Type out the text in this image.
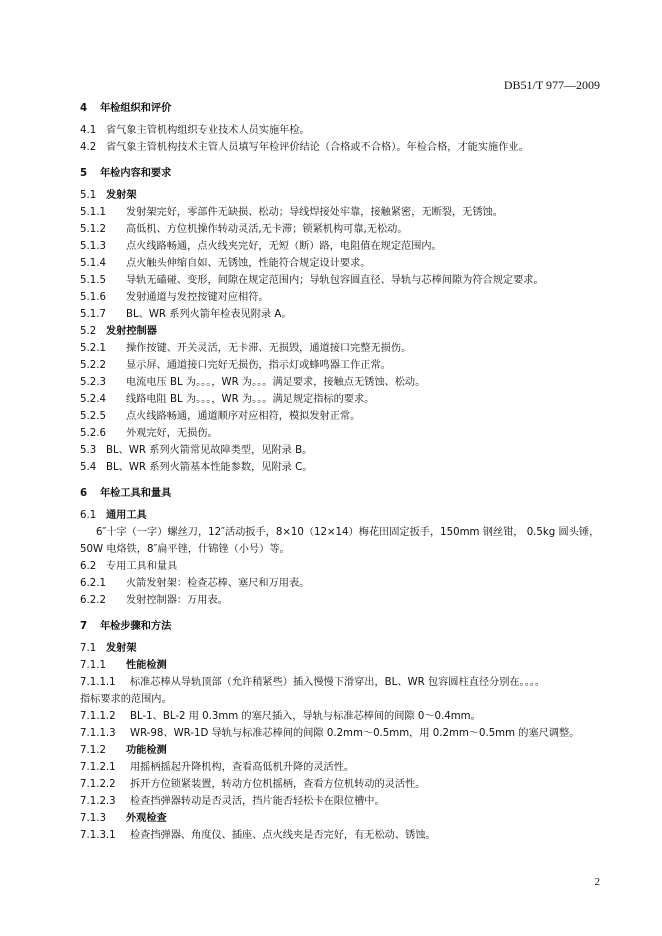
DB51/T 977—2009
4 年检组织和评价
4.1 省气象主管机构组织专业技术人员实施年检。
4.2 省气象主管机构技术主管人员填写年检评价结论（合格或不合格）。年检合格，才能实施作业。
5 年检内容和要求
5.1 发射架
5.1.1 发射架完好，零部件无缺损、松动；导线焊接处牢靠，接触紧密，无断裂，无锈蚀。
5.1.2 高低机、方位机操作转动灵活,无卡滞；锁紧机构可靠,无松动。
5.1.3 点火线路畅通，点火线夹完好，无短（断）路，电阻值在规定范围内。
5.1.4 点火触头伸缩自如、无锈蚀，性能符合规定设计要求。
5.1.5 导轨无磕碰、变形，间隙在规定范围内；导轨包容圆直径、导轨与芯棒间隙为符合规定要求。
5.1.6 发射通道与发控按键对应相符。
5.1.7 BL、WR 系列火箭年检表见附录 A。
5.2 发射控制器
5.2.1 操作按键、开关灵活，无卡滞、无损毁，通道接口完整无损伤。
5.2.2 显示屏、通道接口完好无损伤，指示灯或蜂鸣器工作正常。
5.2.3 电流电压 BL 为。。。，WR 为。。。满足要求，接触点无锈蚀、松动。
5.2.4 线路电阻 BL 为。。。，WR 为。。。满足规定指标的要求。
5.2.5 点火线路畅通，通道顺序对应相符，模拟发射正常。
5.2.6 外观完好，无损伤。
5.3 BL、WR 系列火箭常见故障类型，见附录 B。
5.4 BL、WR 系列火箭基本性能参数，见附录 C。
6 年检工具和量具
6.1 通用工具
6″十字（一字）螺丝刀，12″活动扳手，8×10（12×14）梅花田固定扳手，150mm 钢丝钳， 0.5kg 圆头锤，50W 电烙铁，8″扁平锉，什锦锉（小号）等。
6.2 专用工具和量具
6.2.1 火箭发射架：检查芯棒、塞尺和万用表。
6.2.2 发射控制器：万用表。
7 年检步骤和方法
7.1 发射架
7.1.1 性能检测
7.1.1.1 标准芯棒从导轨顶部（允许稍紧些）插入慢慢下滑穿出，BL、WR 包容圆柱直径分别在。。。。
指标要求的范围内。
7.1.1.2 BL-1、BL-2 用 0.3mm 的塞尺插入，导轨与标准芯棒间的间隙 0～0.4mm。
7.1.1.3 WR-98、WR-1D 导轨与标准芯棒间的间隙 0.2mm～0.5mm，用 0.2mm～0.5mm 的塞尺调整。
7.1.2 功能检测
7.1.2.1 用摇柄摇起升降机构，查看高低机升降的灵活性。
7.1.2.2 拆开方位锁紧装置，转动方位机摇柄，查看方位机转动的灵活性。
7.1.2.3 检查挡弹器转动是否灵活，挡片能否轻松卡在限位槽中。
7.1.3 外观检查
7.1.3.1 检查挡弹器、角度仪、插座、点火线夹是否完好，有无松动、锈蚀。
2
